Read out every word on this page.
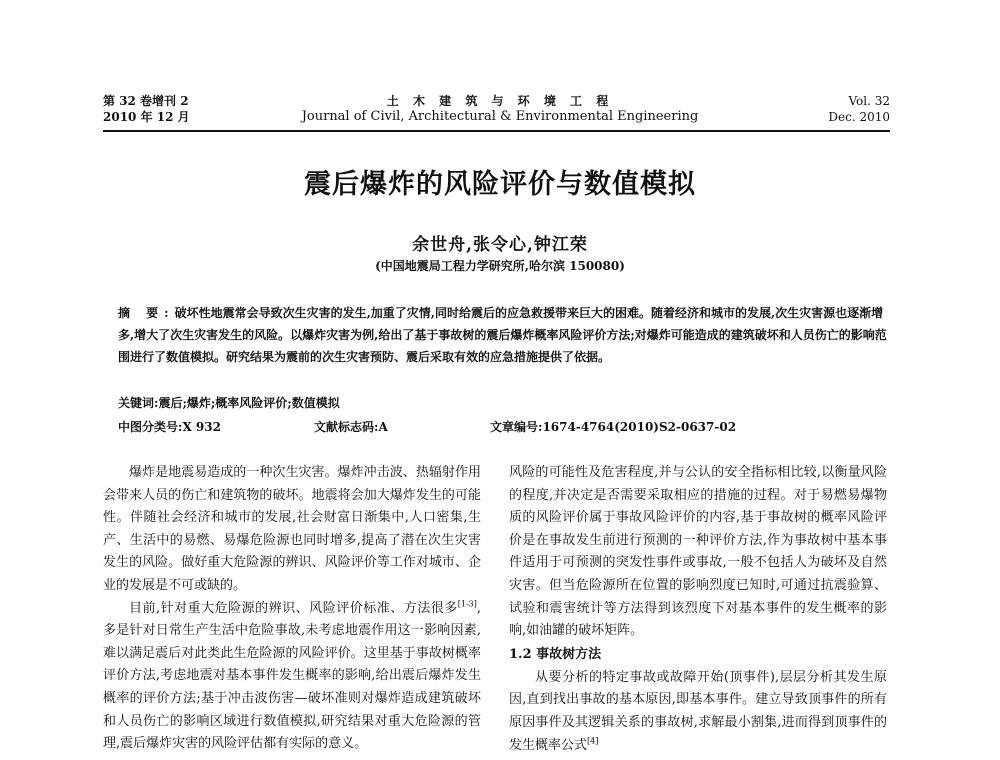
第 32 卷增刊 2
2010 年 12 月
土 木 建 筑 与 环 境 工 程
Journal of Civil, Architectural & Environmental Engineering
Vol. 32
Dec. 2010
震后爆炸的风险评价与数值模拟
余世舟,张令心,钟江荣
(中国地震局工程力学研究所,哈尔滨 150080)
摘 要:破坏性地震常会导致次生灾害的发生,加重了灾情,同时给震后的应急救援带来巨大的困难。随着经济和城市的发展,次生灾害源也逐渐增多,增大了次生灾害发生的风险。以爆炸灾害为例,给出了基于事故树的震后爆炸概率风险评价方法;对爆炸可能造成的建筑破坏和人员伤亡的影响范围进行了数值模拟。研究结果为震前的次生灾害预防、震后采取有效的应急措施提供了依据。
关键词:震后;爆炸;概率风险评价;数值模拟
中图分类号:X 932	文献标志码:A	文章编号:1674-4764(2010)S2-0637-02

爆炸是地震易造成的一种次生灾害。爆炸冲击波、热辐射作用会带来人员的伤亡和建筑物的破坏。地震将会加大爆炸发生的可能性。伴随社会经济和城市的发展,社会财富日渐集中,人口密集,生产、生活中的易燃、易爆危险源也同时增多,提高了潜在次生灾害发生的风险。做好重大危险源的辨识、风险评价等工作对城市、企业的发展是不可或缺的。

目前,针对重大危险源的辨识、风险评价标准、方法很多[1-3],多是针对日常生产生活中危险事故,未考虑地震作用这一影响因素,难以满足震后对此类此生危险源的风险评价。这里基于事故树概率评价方法,考虑地震对基本事件发生概率的影响,给出震后爆炸发生概率的评价方法;基于冲击波伤害—破坏准则对爆炸造成建筑破坏和人员伤亡的影响区域进行数值模拟,研究结果对重大危险源的管理,震后爆炸灾害的风险评估都有实际的意义。

风险的可能性及危害程度,并与公认的安全指标相比较,以衡量风险的程度,并决定是否需要采取相应的措施的过程。对于易燃易爆物质的风险评价属于事故风险评价的内容,基于事故树的概率风险评价是在事故发生前进行预测的一种评价方法,作为事故树中基本事件适用于可预测的突发性事件或事故,一般不包括人为破坏及自然灾害。但当危险源所在位置的影响烈度已知时,可通过抗震验算、试验和震害统计等方法得到该烈度下对基本事件的发生概率的影响,如油罐的破坏矩阵。

1.2 事故树方法

从要分析的特定事故或故障开始(顶事件),层层分析其发生原因,直到找出事故的基本原因,即基本事件。建立导致顶事件的所有原因事件及其逻辑关系的事故树,求解最小割集,进而得到顶事件的发生概率公式[4]
